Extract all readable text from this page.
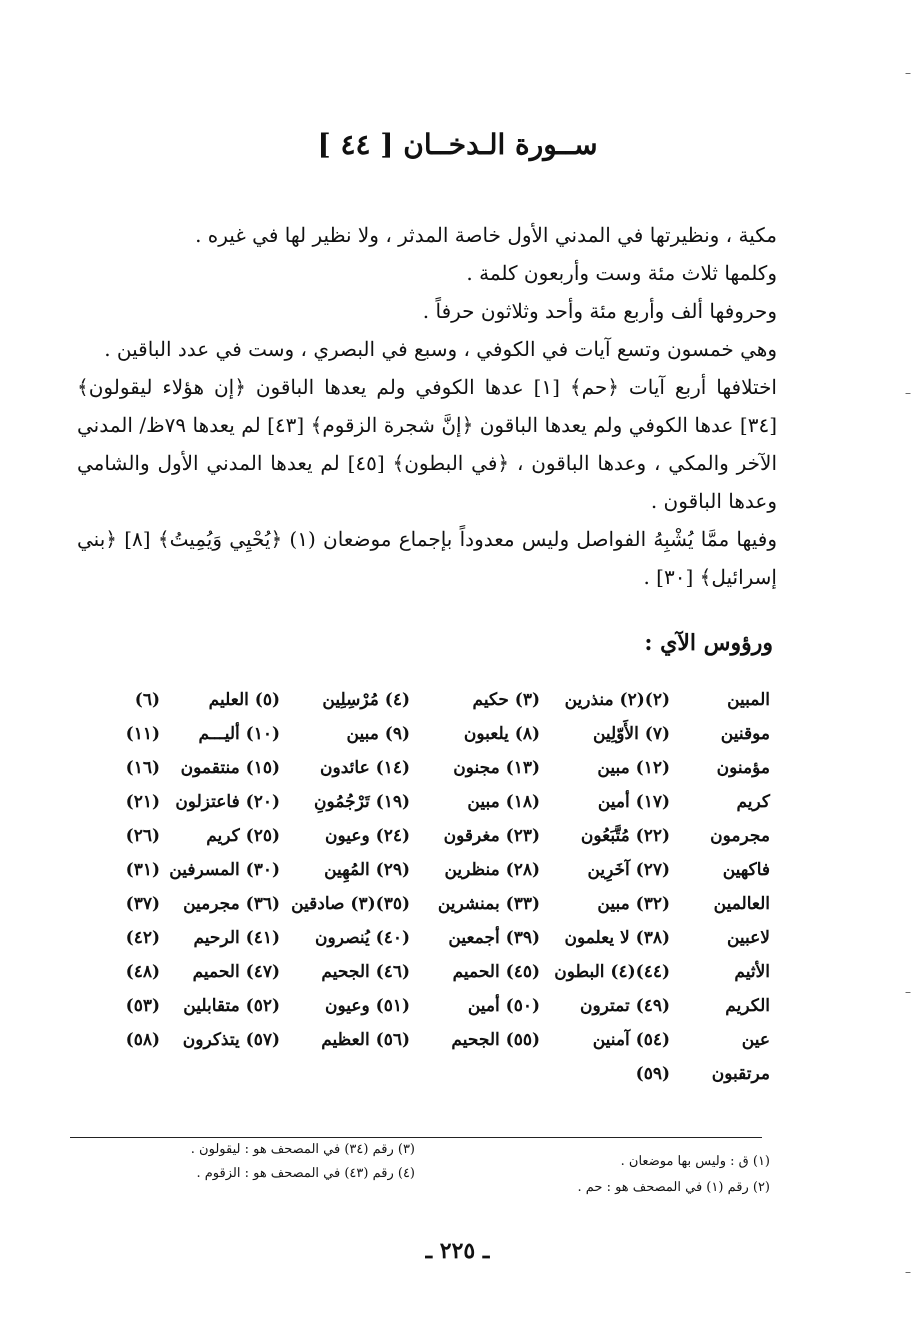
ســورة الـدخــان [ ٤٤ ]
مكية ، ونظيرتها في المدني الأول خاصة المدثر ، ولا نظير لها في غيره .
وكلمها ثلاث مئة وست وأربعون كلمة .
وحروفها ألف وأربع مئة وأحد وثلاثون حرفاً .
وهي خمسون وتسع آيات في الكوفي ، وسبع في البصري ، وست في عدد الباقين .
اختلافها أربع آيات ﴿حم﴾ [١] عدها الكوفي ولم يعدها الباقون ﴿إن هؤلاء ليقولون﴾ [٣٤] عدها الكوفي ولم يعدها الباقون ﴿إنَّ شجرة الزقوم﴾ [٤٣] لم يعدها ٧٩ظ/ المدني الآخر والمكي ، وعدها الباقون ، ﴿في البطون﴾ [٤٥] لم يعدها المدني الأول والشامي وعدها الباقون .
وفيها ممَّا يُشْبِهُ الفواصل وليس معدوداً بإجماع موضعان (١) ﴿يُحْيِي وَيُمِيتُ﴾ [٨] ﴿بني إسرائيل﴾ [٣٠] .
ورؤوس الآي :
المبين
(٢)(٢) منذرين
(٣) حكيم
(٤) مُرْسِلِين
(٥) العليم
(٦)
موقنين
(٧) الأَوّلِين
(٨) يلعبون
(٩) مبين
(١٠) أليـــم
(١١)
مؤمنون
(١٢) مبين
(١٣) مجنون
(١٤) عائدون
(١٥) منتقمون
(١٦)
كريم
(١٧) أمين
(١٨) مبين
(١٩) تَرْجُمُونِ
(٢٠) فاعتزلون
(٢١)
مجرمون
(٢٢) مُتَّبَعُون
(٢٣) مغرقون
(٢٤) وعيون
(٢٥) كريم
(٢٦)
فاكهين
(٢٧) آخَرِين
(٢٨) منظرين
(٢٩) المُهِين
(٣٠) المسرفين
(٣١)
العالمين
(٣٢) مبين
(٣٣) بمنشرين
(٣٥)(٣) صادقين
(٣٦) مجرمين
(٣٧)
لاعبين
(٣٨) لا يعلمون
(٣٩) أجمعين
(٤٠) يُنصرون
(٤١) الرحيم
(٤٢)
الأثيم
(٤٤)(٤) البطون
(٤٥) الحميم
(٤٦) الجحيم
(٤٧) الحميم
(٤٨)
الكريم
(٤٩) تمترون
(٥٠) أمين
(٥١) وعيون
(٥٢) متقابلين
(٥٣)
عين
(٥٤) آمنين
(٥٥) الجحيم
(٥٦) العظيم
(٥٧) يتذكرون
(٥٨)
مرتقبون
(٥٩)
(١) ق : وليس بها موضعان .
(٢) رقم (١) في المصحف هو : حم .
(٣) رقم (٣٤) في المصحف هو : ليقولون .
(٤) رقم (٤٣) في المصحف هو : الزقوم .
ـ ٢٢٥ ـ
–
–
–
–
